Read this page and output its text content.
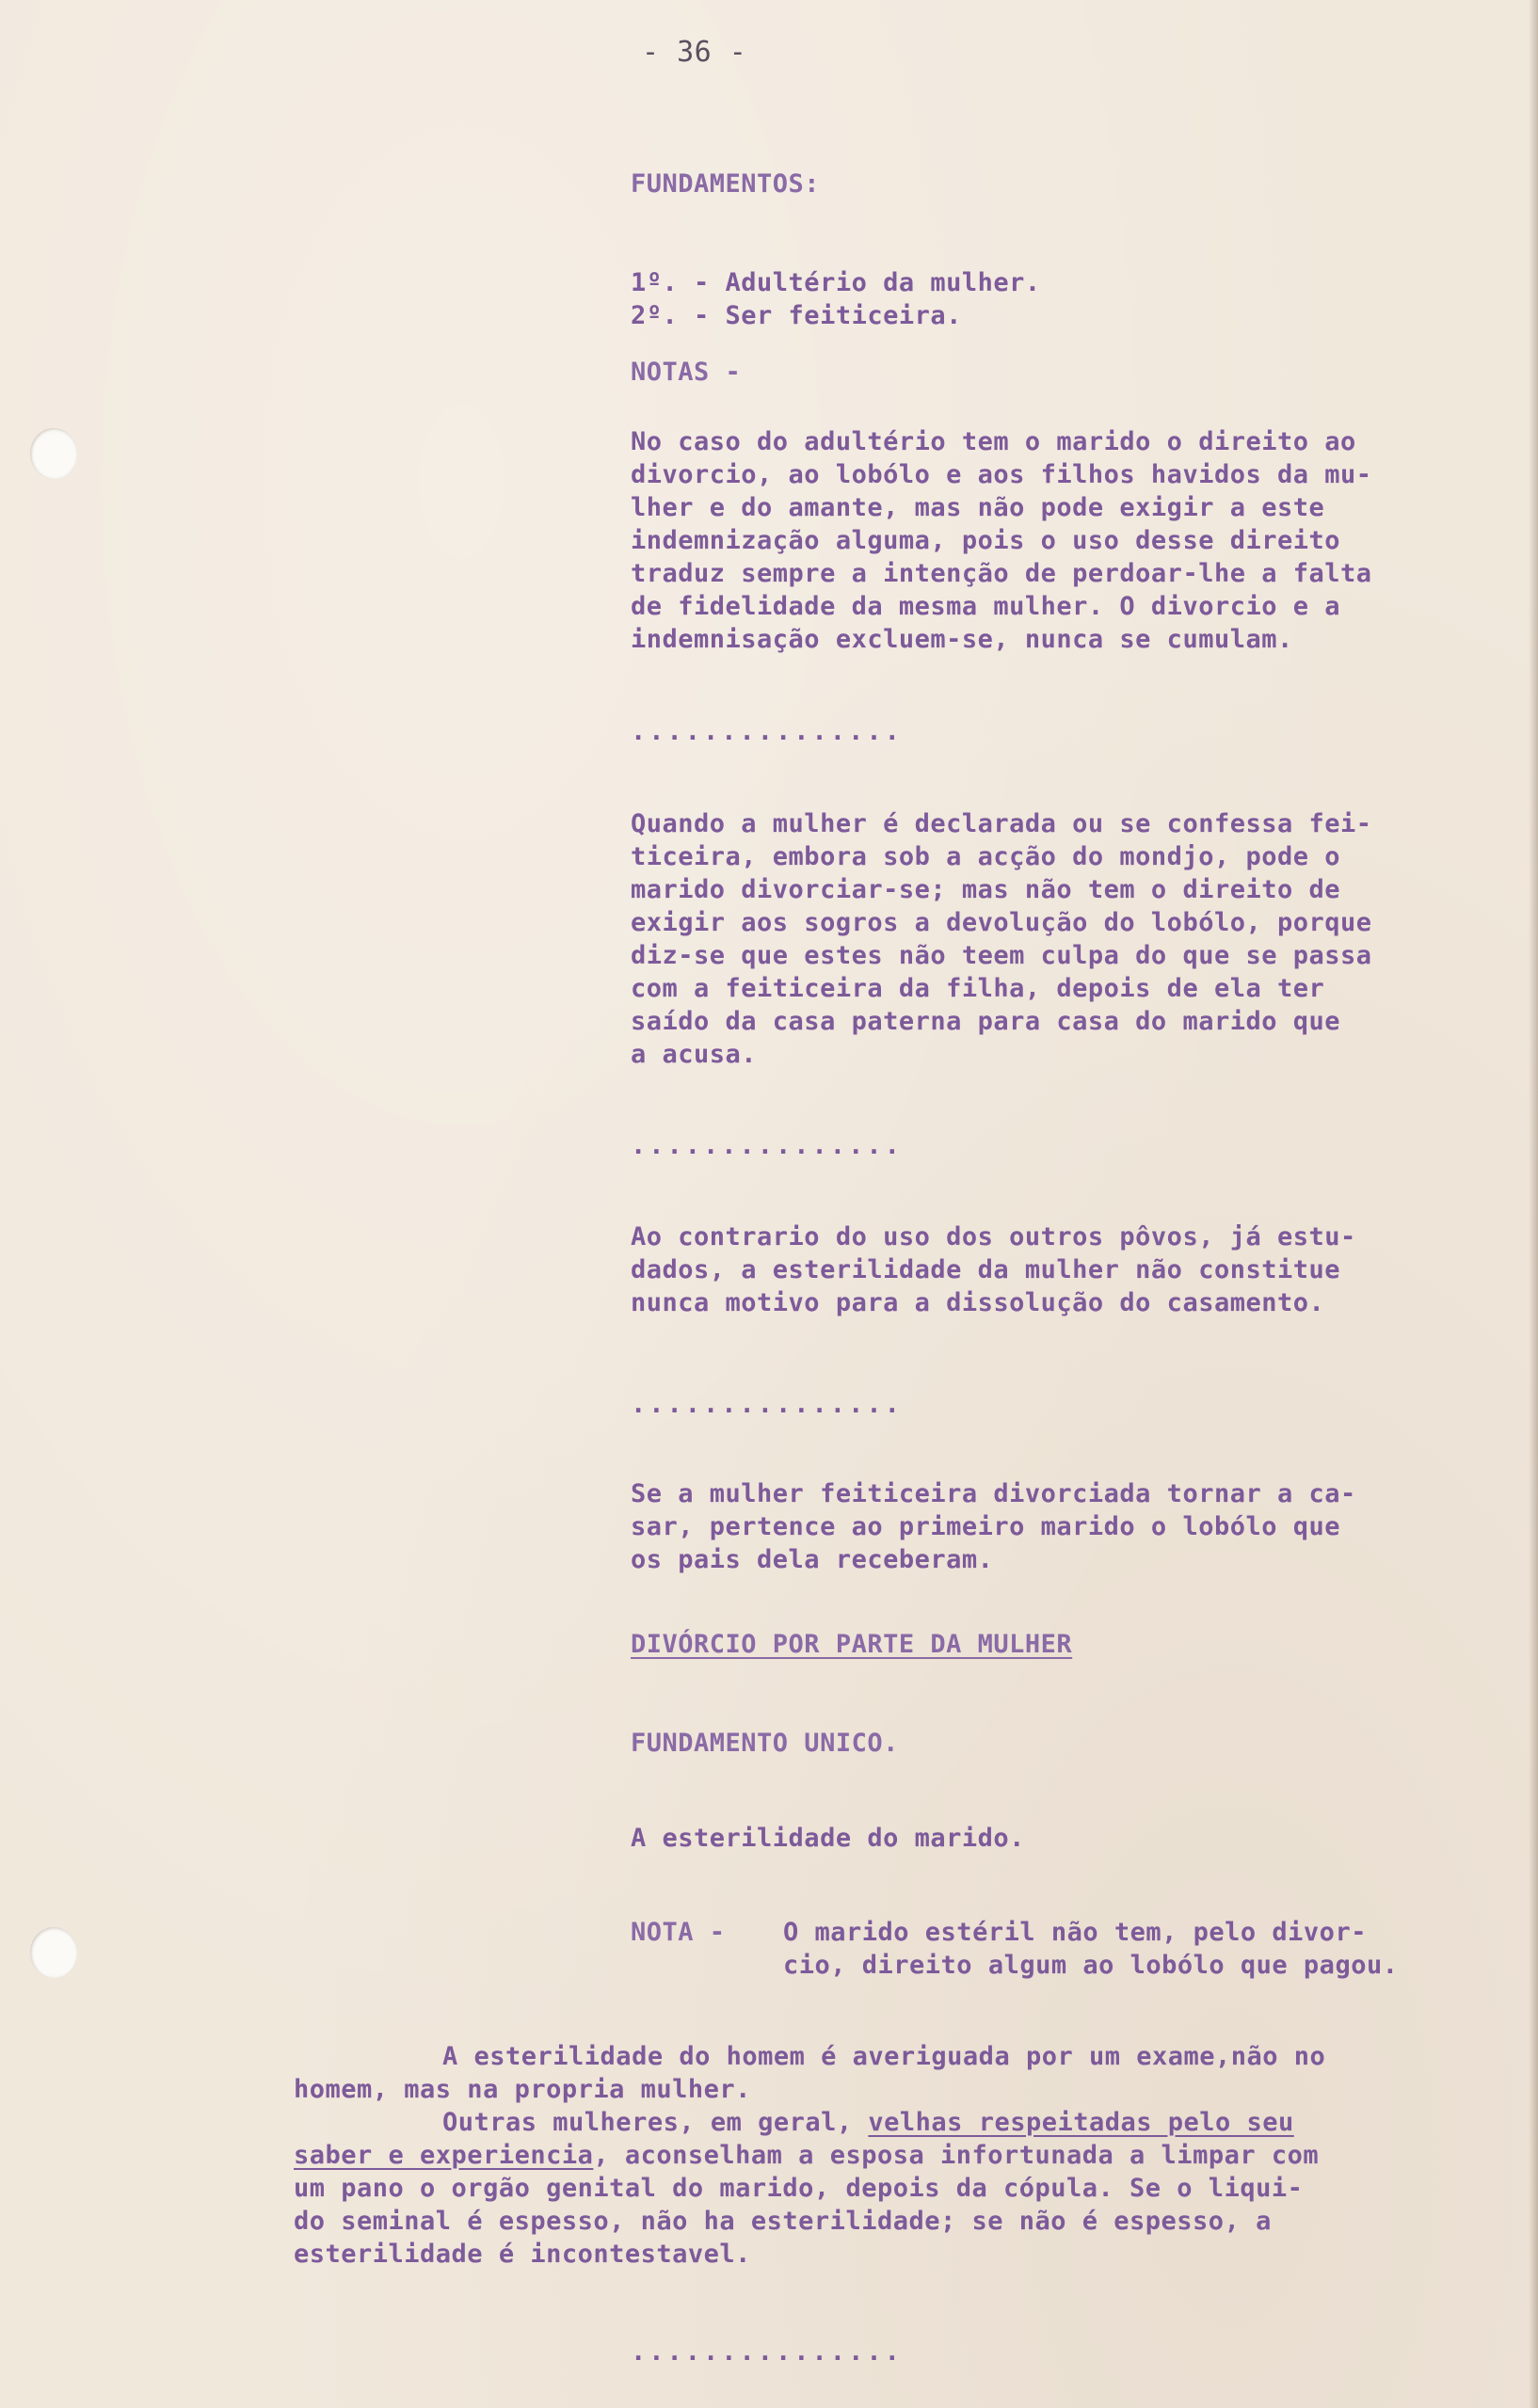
- 36 -

FUNDAMENTOS:

1º. - Adultério da mulher.

2º. - Ser feiticeira.

NOTAS -

No caso do adultério tem o marido o direito ao
divorcio, ao lobólo e aos filhos havidos da mu-
lher e do amante, mas não pode exigir a este
indemnização alguma, pois o uso desse direito
traduz sempre a intenção de perdoar-lhe a falta
de fidelidade da mesma mulher. O divorcio e a
indemnisação excluem-se, nunca se cumulam.

...............

Quando a mulher é declarada ou se confessa fei-
ticeira, embora sob a acção do mondjo, pode o
marido divorciar-se; mas não tem o direito de
exigir aos sogros a devolução do lobólo, porque
diz-se que estes não teem culpa do que se passa
com a feiticeira da filha, depois de ela ter
saído da casa paterna para casa do marido que
a acusa.

...............

Ao contrario do uso dos outros pôvos, já estu-
dados, a esterilidade da mulher não constitue
nunca motivo para a dissolução do casamento.

...............

Se a mulher feiticeira divorciada tornar a ca-
sar, pertence ao primeiro marido o lobólo que
os pais dela receberam.

DIVÓRCIO POR PARTE DA MULHER

FUNDAMENTO UNICO.

A esterilidade do marido.

NOTA - O marido estéril não tem, pelo divor-
cio, direito algum ao lobólo que pagou.

A esterilidade do homem é averiguada por um exame,não no

homem, mas na propria mulher.

Outras mulheres, em geral, velhas respeitadas pelo seu

saber e experiencia, aconselham a esposa infortunada a limpar com

um pano o orgão genital do marido, depois da cópula. Se o liqui-

do seminal é espesso, não ha esterilidade; se não é espesso, a

esterilidade é incontestavel.

...............
